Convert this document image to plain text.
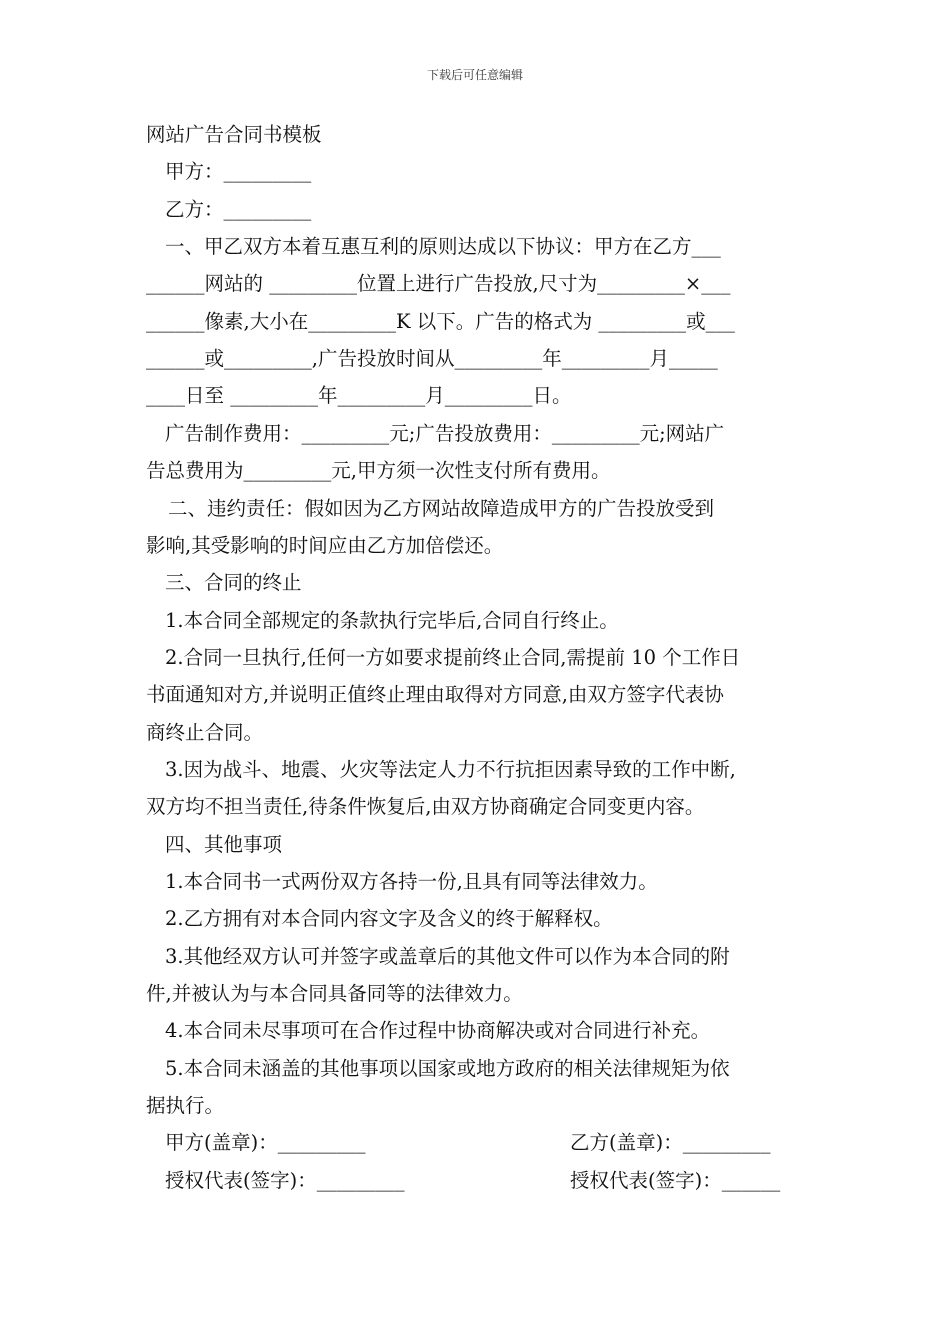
下载后可任意编辑
网站广告合同书模板
甲方：_________
乙方：_________
一、甲乙双方本着互惠互利的原则达成以下协议：甲方在乙方___
______网站的 _________位置上进行广告投放,尺寸为_________×___
______像素,大小在_________K 以下。广告的格式为 _________或___
______或_________,广告投放时间从_________年_________月_____
____日至 _________年_________月_________日。
广告制作费用：_________元;广告投放费用：_________元;网站广
告总费用为_________元,甲方须一次性支付所有费用。
二、违约责任：假如因为乙方网站故障造成甲方的广告投放受到
影响,其受影响的时间应由乙方加倍偿还。
三、合同的终止
1.本合同全部规定的条款执行完毕后,合同自行终止。
2.合同一旦执行,任何一方如要求提前终止合同,需提前 10 个工作日
书面通知对方,并说明正值终止理由取得对方同意,由双方签字代表协
商终止合同。
3.因为战斗、地震、火灾等法定人力不行抗拒因素导致的工作中断,
双方均不担当责任,待条件恢复后,由双方协商确定合同变更内容。
四、其他事项
1.本合同书一式两份双方各持一份,且具有同等法律效力。
2.乙方拥有对本合同内容文字及含义的终于解释权。
3.其他经双方认可并签字或盖章后的其他文件可以作为本合同的附
件,并被认为与本合同具备同等的法律效力。
4.本合同未尽事项可在合作过程中协商解决或对合同进行补充。
5.本合同未涵盖的其他事项以国家或地方政府的相关法律规矩为依
据执行。
甲方(盖章)：_________	乙方(盖章)：_________
授权代表(签字)：_________	授权代表(签字)：______
